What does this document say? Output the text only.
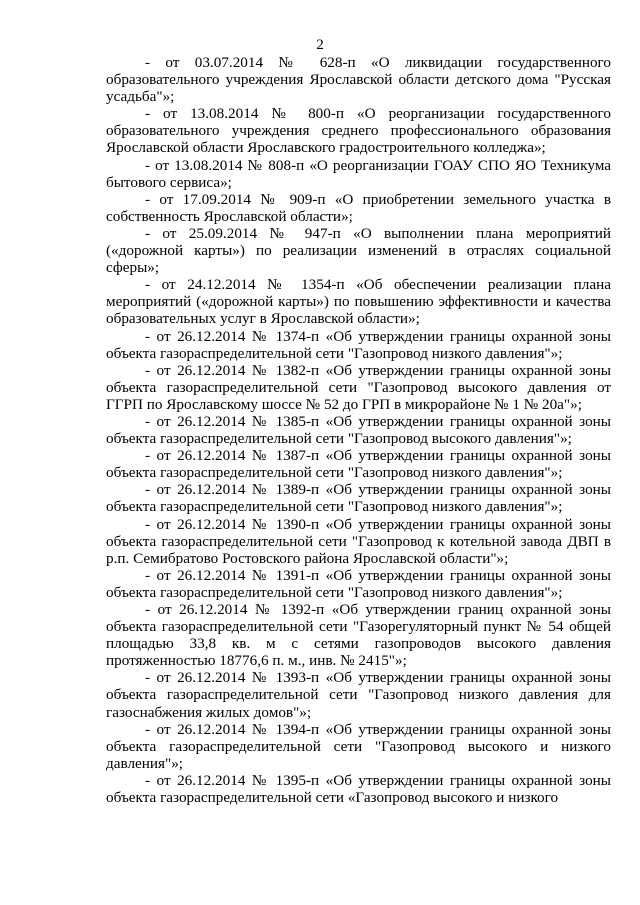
2

- от 03.07.2014 № 628-п «О ликвидации государственного образовательного учреждения Ярославской области детского дома "Русская усадьба"»;

- от 13.08.2014 № 800-п «О реорганизации государственного образовательного учреждения среднего профессионального образования Ярославской области Ярославского градостроительного колледжа»;

- от 13.08.2014 № 808-п «О реорганизации ГОАУ СПО ЯО Техникума бытового сервиса»;

- от 17.09.2014 № 909-п «О приобретении земельного участка в собственность Ярославской области»;

- от 25.09.2014 № 947-п «О выполнении плана мероприятий («дорожной карты») по реализации изменений в отраслях социальной сферы»;

- от 24.12.2014 № 1354-п «Об обеспечении реализации плана мероприятий («дорожной карты») по повышению эффективности и качества образовательных услуг в Ярославской области»;

- от 26.12.2014 № 1374-п «Об утверждении границы охранной зоны объекта газораспределительной сети "Газопровод низкого давления"»;

- от 26.12.2014 № 1382-п «Об утверждении границы охранной зоны объекта газораспределительной сети "Газопровод высокого давления от ГГРП по Ярославскому шоссе № 52 до ГРП в микрорайоне № 1 № 20а"»;

- от 26.12.2014 № 1385-п «Об утверждении границы охранной зоны объекта газораспределительной сети "Газопровод высокого давления"»;

- от 26.12.2014 № 1387-п «Об утверждении границы охранной зоны объекта газораспределительной сети "Газопровод низкого давления"»;

- от 26.12.2014 № 1389-п «Об утверждении границы охранной зоны объекта газораспределительной сети "Газопровод низкого давления"»;

- от 26.12.2014 № 1390-п «Об утверждении границы охранной зоны объекта газораспределительной сети "Газопровод к котельной завода ДВП в р.п. Семибратово Ростовского района Ярославской области"»;

- от 26.12.2014 № 1391-п «Об утверждении границы охранной зоны объекта газораспределительной сети "Газопровод низкого давления"»;

- от 26.12.2014 № 1392-п «Об утверждении границ охранной зоны объекта газораспределительной сети "Газорегуляторный пункт № 54 общей площадью 33,8 кв. м с сетями газопроводов высокого давления протяженностью 18776,6 п. м., инв. № 2415"»;

- от 26.12.2014 № 1393-п «Об утверждении границы охранной зоны объекта газораспределительной сети "Газопровод низкого давления для газоснабжения жилых домов"»;

- от 26.12.2014 № 1394-п «Об утверждении границы охранной зоны объекта газораспределительной сети "Газопровод высокого и низкого давления"»;

- от 26.12.2014 № 1395-п «Об утверждении границы охранной зоны объекта газораспределительной сети «Газопровод высокого и низкого
